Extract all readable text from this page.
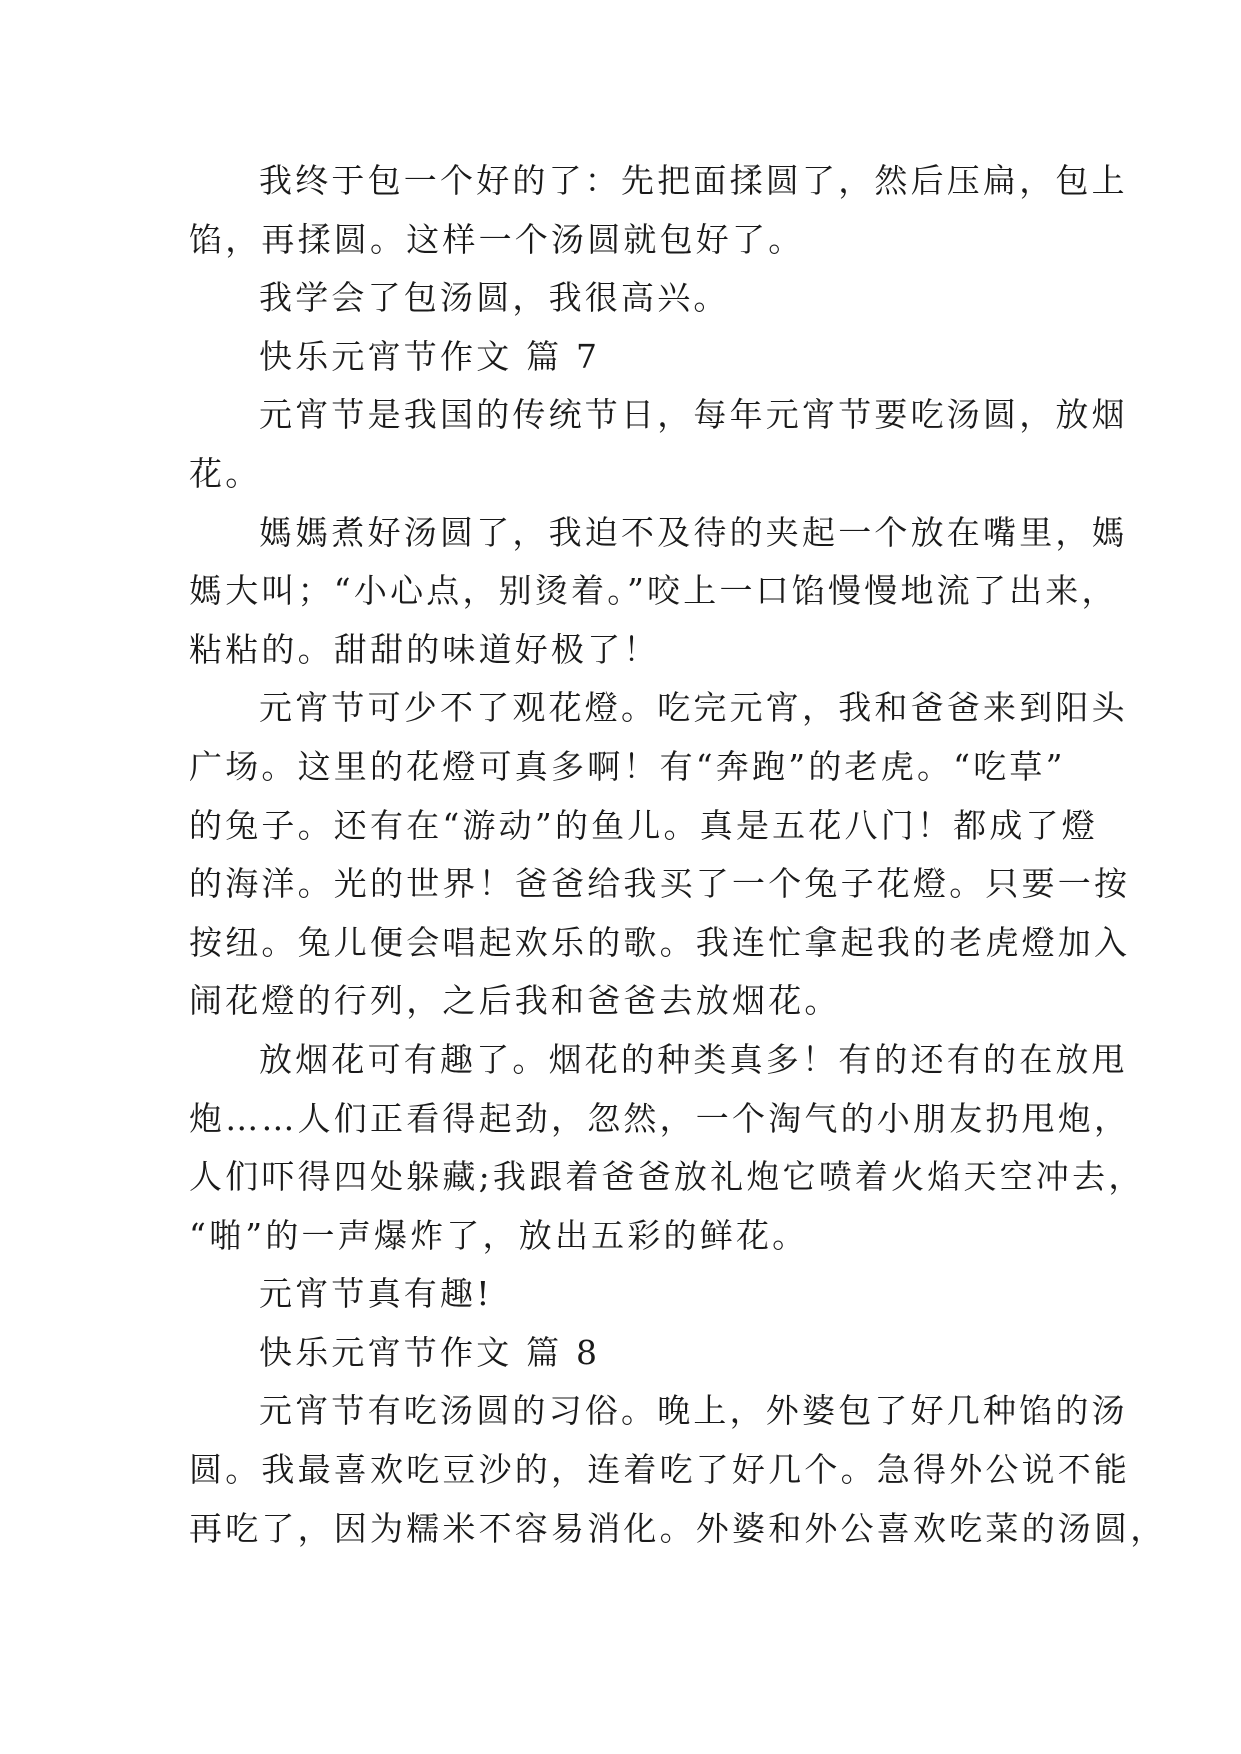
我终于包一个好的了：先把面揉圆了，然后压扁，包上
馅，再揉圆。这样一个汤圆就包好了。
我学会了包汤圆，我很高兴。
快乐元宵节作文 篇 7
元宵节是我国的传统节日，每年元宵节要吃汤圆，放烟
花。
媽媽煮好汤圆了，我迫不及待的夹起一个放在嘴里，媽
媽大叫；“小心点，别烫着。”咬上一口馅慢慢地流了出来，
粘粘的。甜甜的味道好极了！
元宵节可少不了观花燈。吃完元宵，我和爸爸来到阳头
广场。这里的花燈可真多啊！有“奔跑”的老虎。“吃草”
的兔子。还有在“游动”的鱼儿。真是五花八门！都成了燈
的海洋。光的世界！爸爸给我买了一个兔子花燈。只要一按
按纽。兔儿便会唱起欢乐的歌。我连忙拿起我的老虎燈加入
闹花燈的行列，之后我和爸爸去放烟花。
放烟花可有趣了。烟花的种类真多！有的还有的在放甩
炮……人们正看得起劲，忽然，一个淘气的小朋友扔甩炮，
人们吓得四处躲藏;我跟着爸爸放礼炮它喷着火焰天空冲去，
“啪”的一声爆炸了，放出五彩的鲜花。
元宵节真有趣!
快乐元宵节作文 篇 8
元宵节有吃汤圆的习俗。晚上，外婆包了好几种馅的汤
圆。我最喜欢吃豆沙的，连着吃了好几个。急得外公说不能
再吃了，因为糯米不容易消化。外婆和外公喜欢吃菜的汤圆，
